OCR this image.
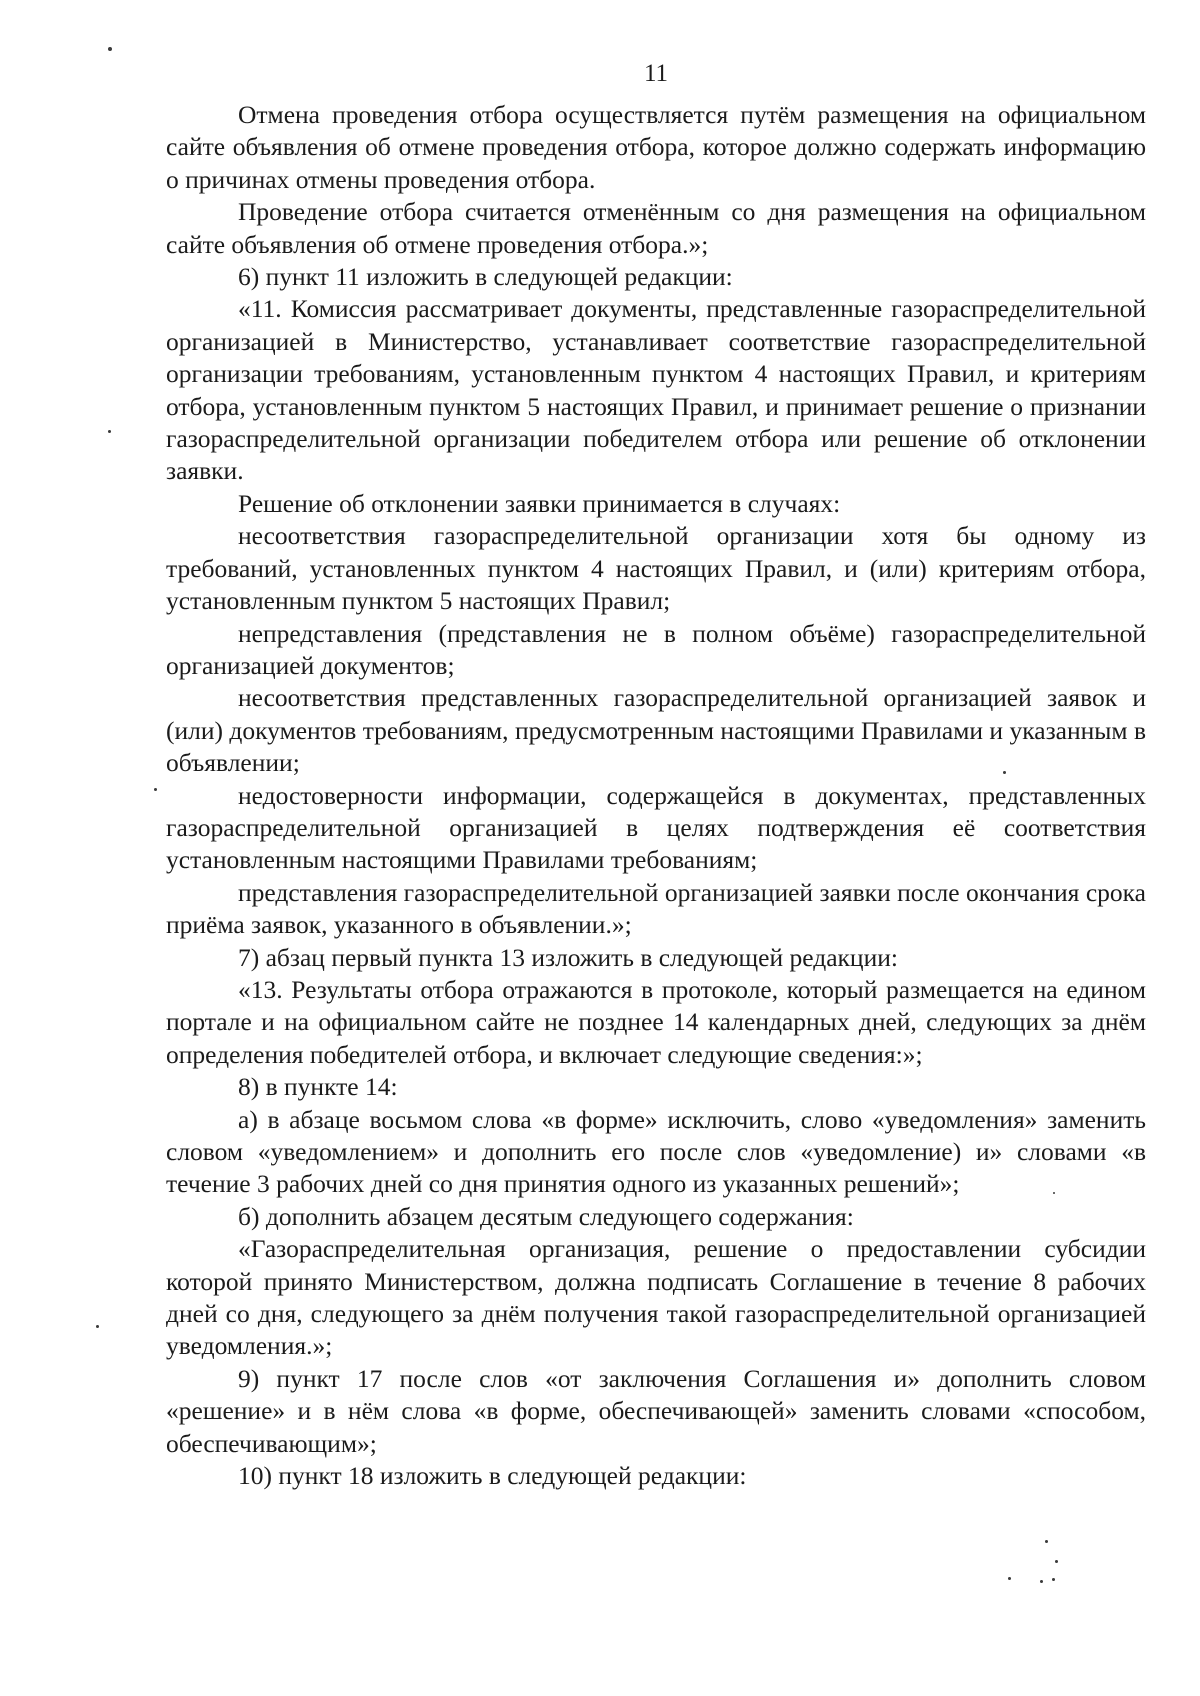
11

Отмена проведения отбора осуществляется путём размещения на официальном сайте объявления об отмене проведения отбора, которое должно содержать информацию о причинах отмены проведения отбора.

Проведение отбора считается отменённым со дня размещения на официальном сайте объявления об отмене проведения отбора.»;

6) пункт 11 изложить в следующей редакции:

«11. Комиссия рассматривает документы, представленные газораспределительной организацией в Министерство, устанавливает соответствие газораспределительной организации требованиям, установленным пунктом 4 настоящих Правил, и критериям отбора, установленным пунктом 5 настоящих Правил, и принимает решение о признании газораспределительной организации победителем отбора или решение об отклонении заявки.

Решение об отклонении заявки принимается в случаях:

несоответствия газораспределительной организации хотя бы одному из требований, установленных пунктом 4 настоящих Правил, и (или) критериям отбора, установленным пунктом 5 настоящих Правил;

непредставления (представления не в полном объёме) газораспределительной организацией документов;

несоответствия представленных газораспределительной организацией заявок и (или) документов требованиям, предусмотренным настоящими Правилами и указанным в объявлении;

недостоверности информации, содержащейся в документах, представленных газораспределительной организацией в целях подтверждения её соответствия установленным настоящими Правилами требованиям;

представления газораспределительной организацией заявки после окончания срока приёма заявок, указанного в объявлении.»;

7) абзац первый пункта 13 изложить в следующей редакции:

«13. Результаты отбора отражаются в протоколе, который размещается на едином портале и на официальном сайте не позднее 14 календарных дней, следующих за днём определения победителей отбора, и включает следующие сведения:»;

8) в пункте 14:

а) в абзаце восьмом слова «в форме» исключить, слово «уведомления» заменить словом «уведомлением» и дополнить его после слов «уведомление) и» словами «в течение 3 рабочих дней со дня принятия одного из указанных решений»;

б) дополнить абзацем десятым следующего содержания:

«Газораспределительная организация, решение о предоставлении субсидии которой принято Министерством, должна подписать Соглашение в течение 8 рабочих дней со дня, следующего за днём получения такой газораспределительной организацией уведомления.»;

9) пункт 17 после слов «от заключения Соглашения и» дополнить словом «решение» и в нём слова «в форме, обеспечивающей» заменить словами «способом, обеспечивающим»;

10) пункт 18 изложить в следующей редакции:
